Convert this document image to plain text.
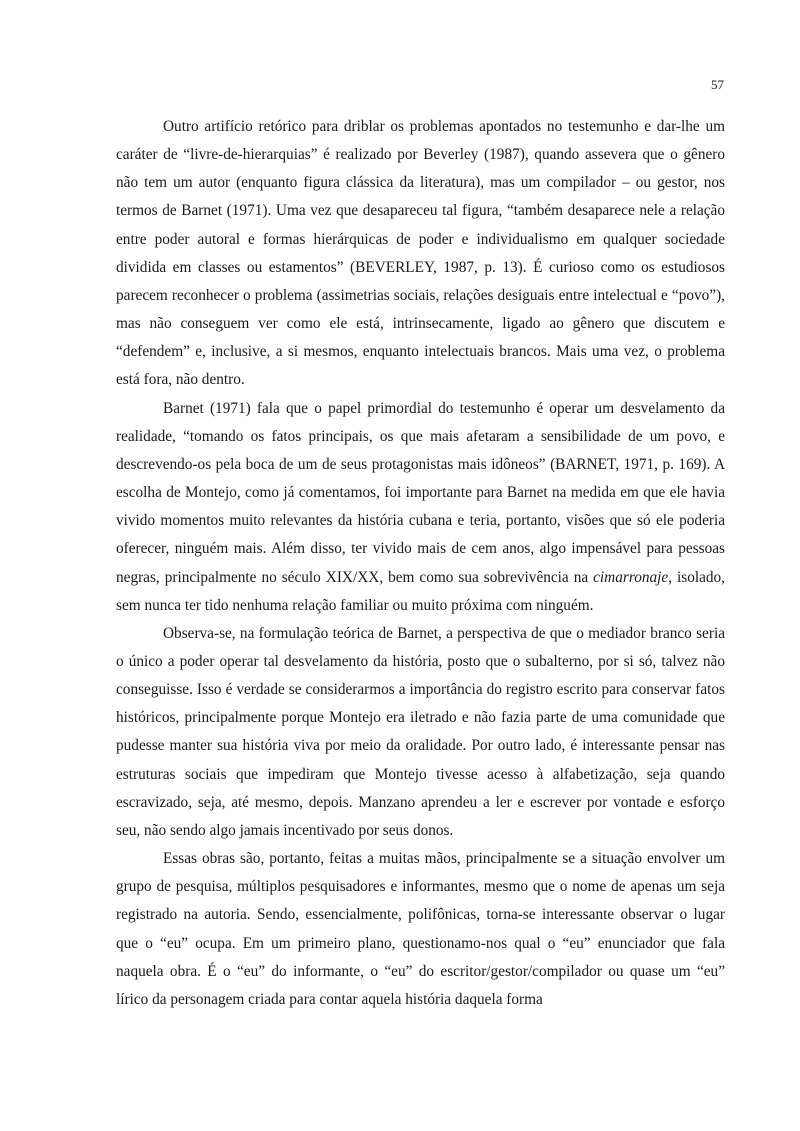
57

Outro artifício retórico para driblar os problemas apontados no testemunho e dar-lhe um caráter de “livre-de-hierarquias” é realizado por Beverley (1987), quando assevera que o gênero não tem um autor (enquanto figura clássica da literatura), mas um compilador – ou gestor, nos termos de Barnet (1971). Uma vez que desapareceu tal figura, “também desaparece nele a relação entre poder autoral e formas hierárquicas de poder e individualismo em qualquer sociedade dividida em classes ou estamentos” (BEVERLEY, 1987, p. 13). É curioso como os estudiosos parecem reconhecer o problema (assimetrias sociais, relações desiguais entre intelectual e “povo”), mas não conseguem ver como ele está, intrinsecamente, ligado ao gênero que discutem e “defendem” e, inclusive, a si mesmos, enquanto intelectuais brancos. Mais uma vez, o problema está fora, não dentro.

Barnet (1971) fala que o papel primordial do testemunho é operar um desvelamento da realidade, “tomando os fatos principais, os que mais afetaram a sensibilidade de um povo, e descrevendo-os pela boca de um de seus protagonistas mais idôneos” (BARNET, 1971, p. 169). A escolha de Montejo, como já comentamos, foi importante para Barnet na medida em que ele havia vivido momentos muito relevantes da história cubana e teria, portanto, visões que só ele poderia oferecer, ninguém mais. Além disso, ter vivido mais de cem anos, algo impensável para pessoas negras, principalmente no século XIX/XX, bem como sua sobrevivência na cimarronaje, isolado, sem nunca ter tido nenhuma relação familiar ou muito próxima com ninguém.

Observa-se, na formulação teórica de Barnet, a perspectiva de que o mediador branco seria o único a poder operar tal desvelamento da história, posto que o subalterno, por si só, talvez não conseguisse. Isso é verdade se considerarmos a importância do registro escrito para conservar fatos históricos, principalmente porque Montejo era iletrado e não fazia parte de uma comunidade que pudesse manter sua história viva por meio da oralidade. Por outro lado, é interessante pensar nas estruturas sociais que impediram que Montejo tivesse acesso à alfabetização, seja quando escravizado, seja, até mesmo, depois. Manzano aprendeu a ler e escrever por vontade e esforço seu, não sendo algo jamais incentivado por seus donos.

Essas obras são, portanto, feitas a muitas mãos, principalmente se a situação envolver um grupo de pesquisa, múltiplos pesquisadores e informantes, mesmo que o nome de apenas um seja registrado na autoria. Sendo, essencialmente, polifônicas, torna-se interessante observar o lugar que o “eu” ocupa. Em um primeiro plano, questionamo-nos qual o “eu” enunciador que fala naquela obra. É o “eu” do informante, o “eu” do escritor/gestor/compilador ou quase um “eu” lírico da personagem criada para contar aquela história daquela forma
